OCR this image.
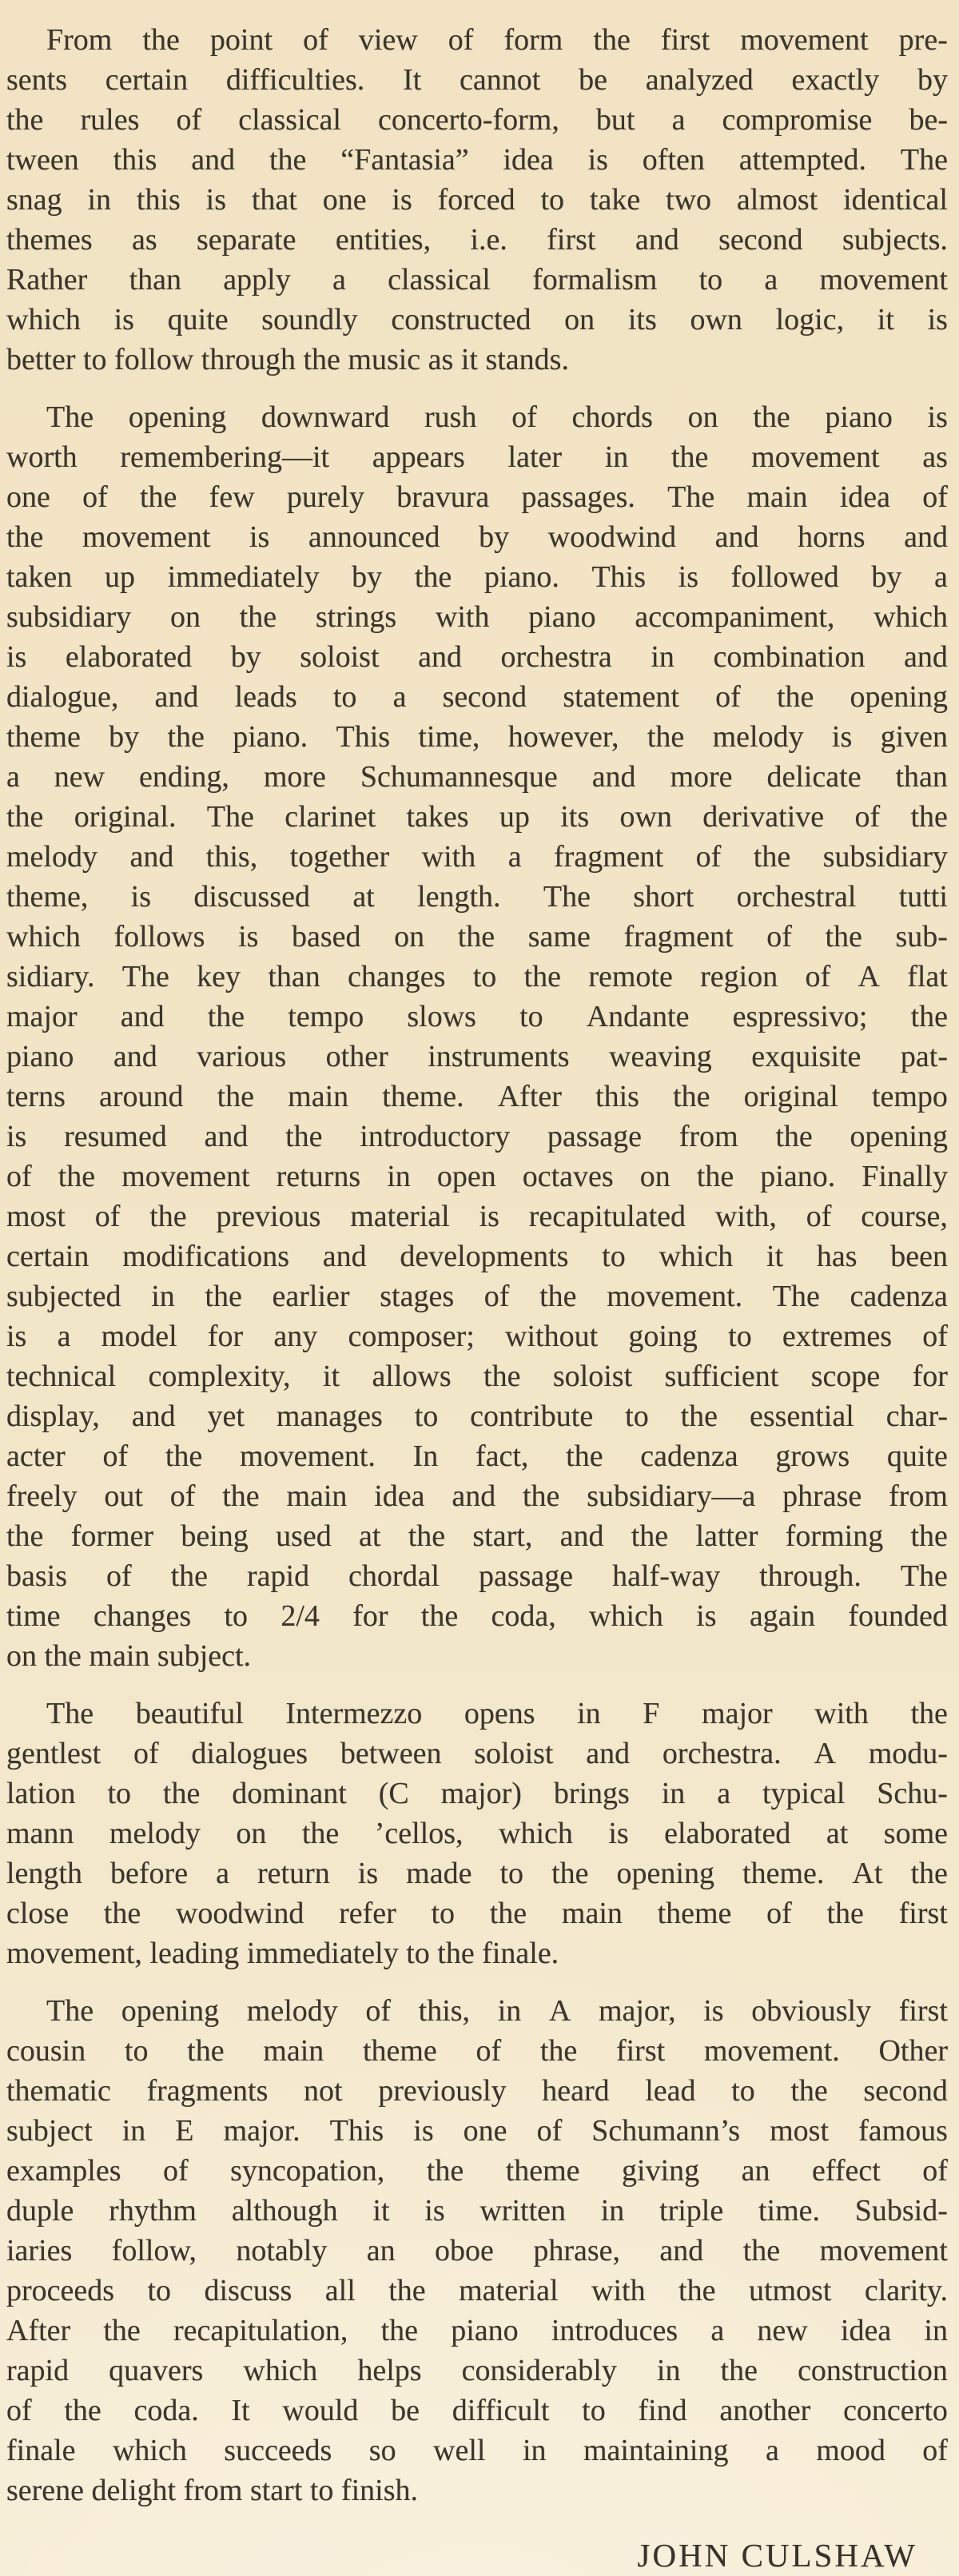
From the point of view of form the first movement pre-
sents certain difficulties. It cannot be analyzed exactly by
the rules of classical concerto-form, but a compromise be-
tween this and the “Fantasia” idea is often attempted. The
snag in this is that one is forced to take two almost identical
themes as separate entities, i.e. first and second subjects.
Rather than apply a classical formalism to a movement
which is quite soundly constructed on its own logic, it is
better to follow through the music as it stands.
The opening downward rush of chords on the piano is
worth remembering—it appears later in the movement as
one of the few purely bravura passages. The main idea of
the movement is announced by woodwind and horns and
taken up immediately by the piano. This is followed by a
subsidiary on the strings with piano accompaniment, which
is elaborated by soloist and orchestra in combination and
dialogue, and leads to a second statement of the opening
theme by the piano. This time, however, the melody is given
a new ending, more Schumannesque and more delicate than
the original. The clarinet takes up its own derivative of the
melody and this, together with a fragment of the subsidiary
theme, is discussed at length. The short orchestral tutti
which follows is based on the same fragment of the sub-
sidiary. The key than changes to the remote region of A flat
major and the tempo slows to Andante espressivo; the
piano and various other instruments weaving exquisite pat-
terns around the main theme. After this the original tempo
is resumed and the introductory passage from the opening
of the movement returns in open octaves on the piano. Finally
most of the previous material is recapitulated with, of course,
certain modifications and developments to which it has been
subjected in the earlier stages of the movement. The cadenza
is a model for any composer; without going to extremes of
technical complexity, it allows the soloist sufficient scope for
display, and yet manages to contribute to the essential char-
acter of the movement. In fact, the cadenza grows quite
freely out of the main idea and the subsidiary—a phrase from
the former being used at the start, and the latter forming the
basis of the rapid chordal passage half-way through. The
time changes to 2/4 for the coda, which is again founded
on the main subject.
The beautiful Intermezzo opens in F major with the
gentlest of dialogues between soloist and orchestra. A modu-
lation to the dominant (C major) brings in a typical Schu-
mann melody on the ’cellos, which is elaborated at some
length before a return is made to the opening theme. At the
close the woodwind refer to the main theme of the first
movement, leading immediately to the finale.
The opening melody of this, in A major, is obviously first
cousin to the main theme of the first movement. Other
thematic fragments not previously heard lead to the second
subject in E major. This is one of Schumann’s most famous
examples of syncopation, the theme giving an effect of
duple rhythm although it is written in triple time. Subsid-
iaries follow, notably an oboe phrase, and the movement
proceeds to discuss all the material with the utmost clarity.
After the recapitulation, the piano introduces a new idea in
rapid quavers which helps considerably in the construction
of the coda. It would be difficult to find another concerto
finale which succeeds so well in maintaining a mood of
serene delight from start to finish.
JOHN CULSHAW
